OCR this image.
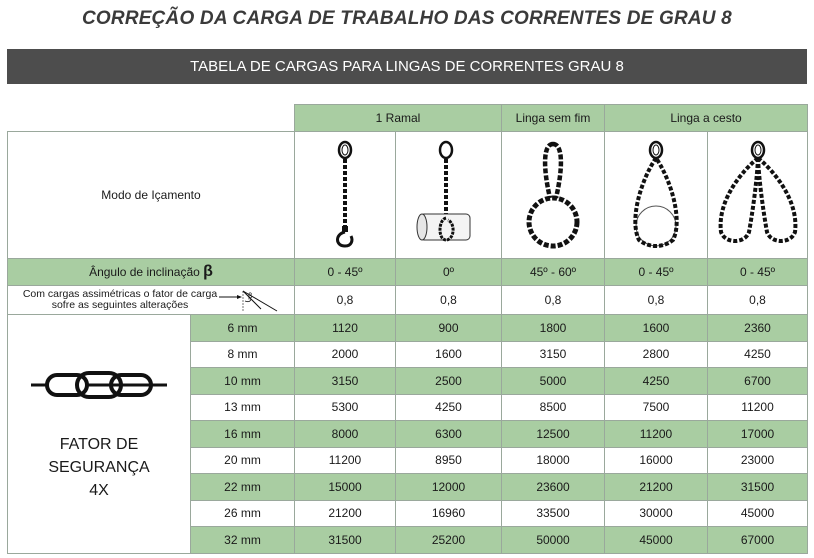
CORREÇÃO DA CARGA DE TRABALHO DAS CORRENTES DE GRAU 8
TABELA DE CARGAS PARA LINGAS DE CORRENTES GRAU 8
		1 Ramal		Linga sem fim	Linga a cesto	
Modo de Içamento	

Ângulo de inclinação β		0 - 45º	0º	45º - 60º	0 - 45º	0 - 45º

Com cargas assimétricas o fator de carga
sofre as seguintes alterações
β		0,8	0,8	0,8	0,8	0,8

FATOR DE
SEGURANÇA
4X	6 mm	1120	900	1800	1600	2360
	8 mm	2000	1600	3150	2800	4250
	10 mm	3150	2500	5000	4250	6700
	13 mm	5300	4250	8500	7500	11200
	16 mm	8000	6300	12500	11200	17000
	20 mm	11200	8950	18000	16000	23000
	22 mm	15000	12000	23600	21200	31500
	26 mm	21200	16960	33500	30000	45000
	32 mm	31500	25200	50000	45000	67000
